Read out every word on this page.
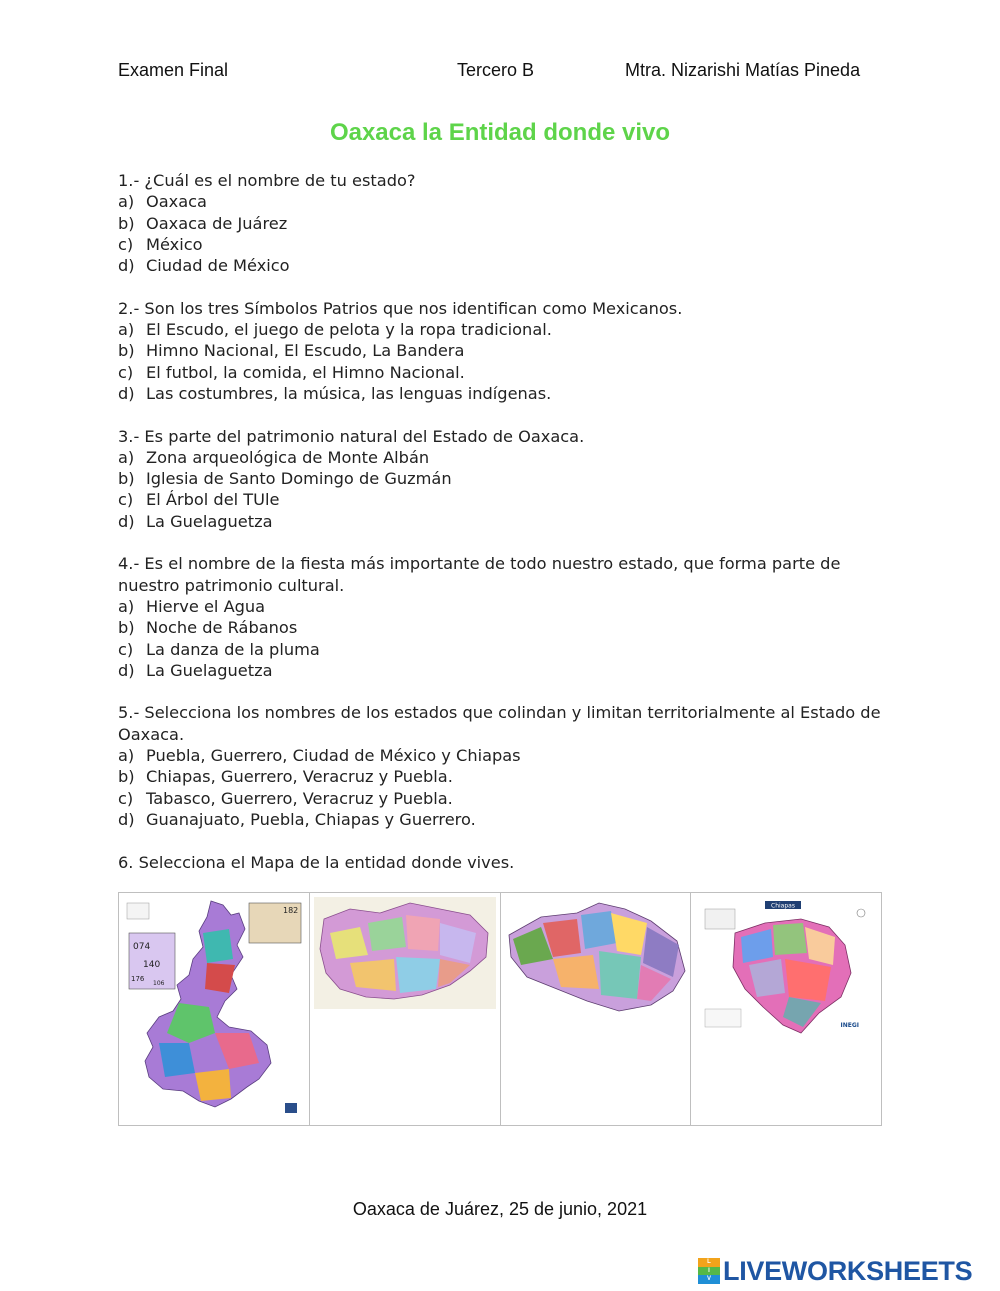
Examen Final	Tercero B	Mtra. Nizarishi Matías Pineda
Oaxaca la Entidad donde vivo

1.- ¿Cuál es el nombre de tu estado?

a) Oaxaca
b) Oaxaca de Juárez
c) México
d) Ciudad de México

2.- Son los tres Símbolos Patrios que nos identifican como Mexicanos.

a) El Escudo, el juego de pelota y la ropa tradicional.
b) Himno Nacional, El Escudo, La Bandera
c) El futbol, la comida, el Himno Nacional.
d) Las costumbres, la música, las lenguas indígenas.

3.- Es parte del patrimonio natural del Estado de Oaxaca.

a) Zona arqueológica de Monte Albán
b) Iglesia de Santo Domingo de Guzmán
c) El Árbol del TUle
d) La Guelaguetza

4.- Es el nombre de la fiesta más importante de todo nuestro estado, que forma parte de nuestro patrimonio cultural.

a) Hierve el Agua
b) Noche de Rábanos
c) La danza de la pluma
d) La Guelaguetza

5.- Selecciona los nombres de los estados que colindan y limitan territorialmente al Estado de Oaxaca.

a) Puebla, Guerrero, Ciudad de México y Chiapas
b) Chiapas, Guerrero, Veracruz y Puebla.
c) Tabasco, Guerrero, Veracruz y Puebla.
d) Guanajuato, Puebla, Chiapas y Guerrero.

6. Selecciona el Mapa de la entidad donde vives.

074
140
176
106
182	Chiapas
INEGI
Oaxaca de Juárez, 25 de junio, 2021
L
I
V LIVEWORKSHEETS
